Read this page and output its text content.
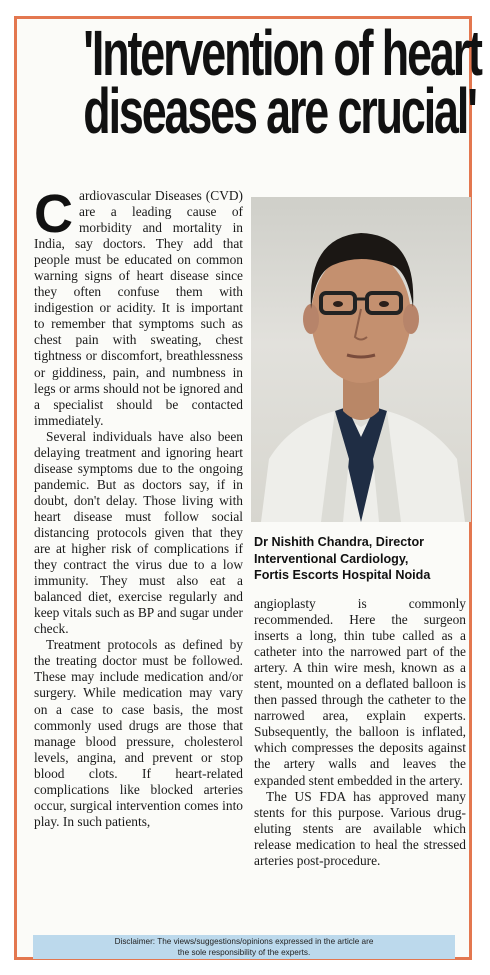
'Intervention of heart
diseases are crucial'

Cardiovascular Diseases (CVD) are a leading cause of morbidity and mortality in India, say doctors. They add that people must be educated on common warning signs of heart disease since they often confuse them with indigestion or acidity. It is important to remember that symptoms such as chest pain with sweating, chest tightness or discomfort, breathlessness or giddiness, pain, and numbness in legs or arms should not be ignored and a specialist should be contacted immediately.

Several individuals have also been delaying treatment and ignoring heart disease symptoms due to the ongoing pandemic. But as doctors say, if in doubt, don't delay. Those living with heart disease must follow social distancing protocols given that they are at higher risk of complications if they contract the virus due to a low immunity. They must also eat a balanced diet, exercise regularly and keep vitals such as BP and sugar under check.

Treatment protocols as defined by the treating doctor must be followed. These may include medication and/or surgery. While medication may vary on a case to case basis, the most commonly used drugs are those that manage blood pressure, cholesterol levels, angina, and prevent or stop blood clots. If heart-related complications like blocked arteries occur, surgical intervention comes into play. In such patients,

Dr Nishith Chandra, Director
Interventional Cardiology,
Fortis Escorts Hospital Noida

angioplasty is commonly recommended. Here the surgeon inserts a long, thin tube called as a catheter into the narrowed part of the artery. A thin wire mesh, known as a stent, mounted on a deflated balloon is then passed through the catheter to the narrowed area, explain experts. Subsequently, the balloon is inflated, which compresses the deposits against the artery walls and leaves the expanded stent embedded in the artery.

The US FDA has approved many stents for this purpose. Various drug-eluting stents are available which release medication to heal the stressed arteries post-procedure.

Disclaimer: The views/suggestions/opinions expressed in the article are
the sole responsibility of the experts.
